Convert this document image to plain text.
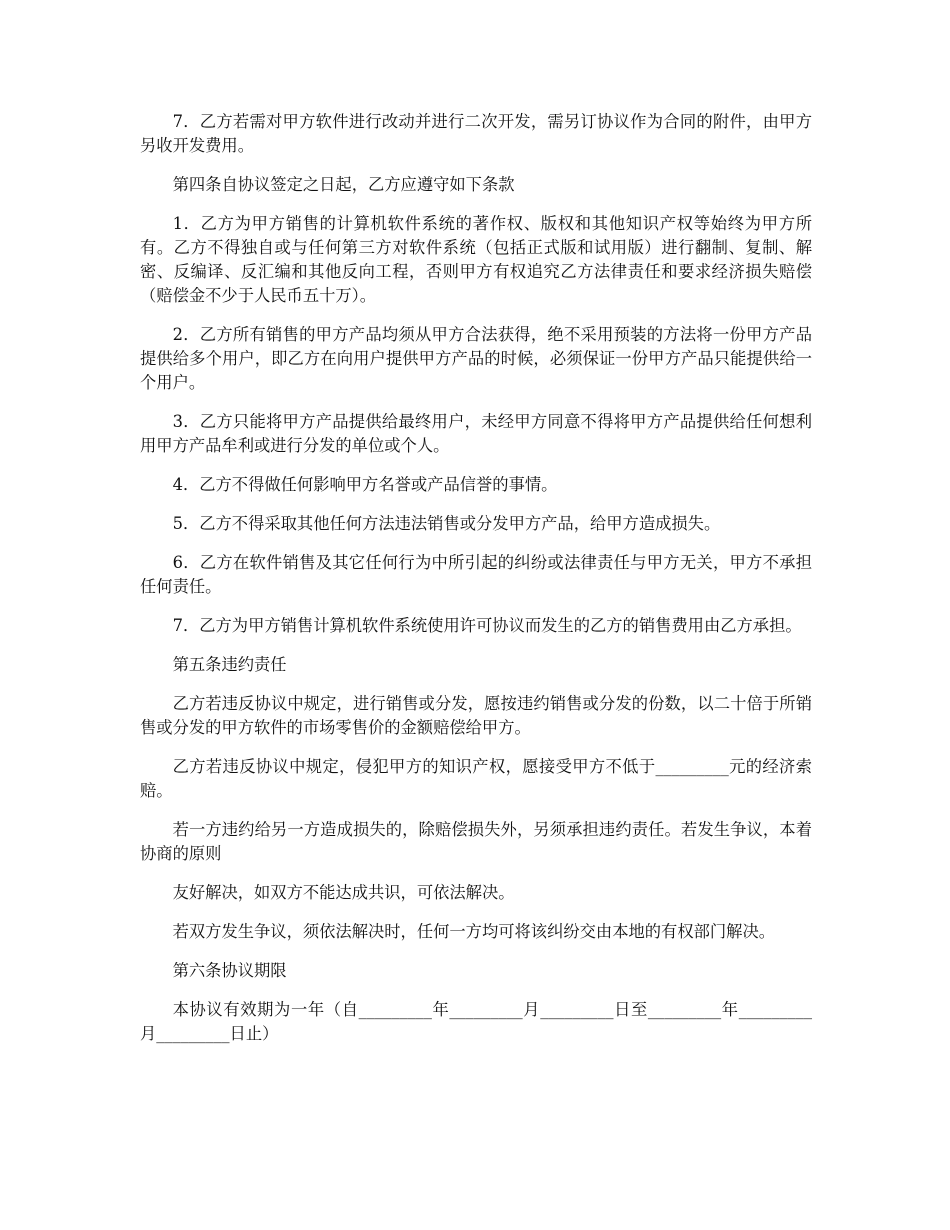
7．乙方若需对甲方软件进行改动并进行二次开发，需另订协议作为合同的附件，由甲方另收开发费用。

第四条自协议签定之日起，乙方应遵守如下条款

1．乙方为甲方销售的计算机软件系统的著作权、版权和其他知识产权等始终为甲方所有。乙方不得独自或与任何第三方对软件系统（包括正式版和试用版）进行翻制、复制、解密、反编译、反汇编和其他反向工程，否则甲方有权追究乙方法律责任和要求经济损失赔偿（赔偿金不少于人民币五十万）。

2．乙方所有销售的甲方产品均须从甲方合法获得，绝不采用预装的方法将一份甲方产品提供给多个用户，即乙方在向用户提供甲方产品的时候，必须保证一份甲方产品只能提供给一个用户。

3．乙方只能将甲方产品提供给最终用户，未经甲方同意不得将甲方产品提供给任何想利用甲方产品牟利或进行分发的单位或个人。

4．乙方不得做任何影响甲方名誉或产品信誉的事情。

5．乙方不得采取其他任何方法违法销售或分发甲方产品，给甲方造成损失。

6．乙方在软件销售及其它任何行为中所引起的纠纷或法律责任与甲方无关，甲方不承担任何责任。

7．乙方为甲方销售计算机软件系统使用许可协议而发生的乙方的销售费用由乙方承担。

第五条违约责任

乙方若违反协议中规定，进行销售或分发，愿按违约销售或分发的份数，以二十倍于所销售或分发的甲方软件的市场零售价的金额赔偿给甲方。

乙方若违反协议中规定，侵犯甲方的知识产权，愿接受甲方不低于_________元的经济索赔。

若一方违约给另一方造成损失的，除赔偿损失外，另须承担违约责任。若发生争议，本着协商的原则

友好解决，如双方不能达成共识，可依法解决。

若双方发生争议，须依法解决时，任何一方均可将该纠纷交由本地的有权部门解决。

第六条协议期限

本协议有效期为一年（自_________年_________月_________日至_________年_________月_________日止）
